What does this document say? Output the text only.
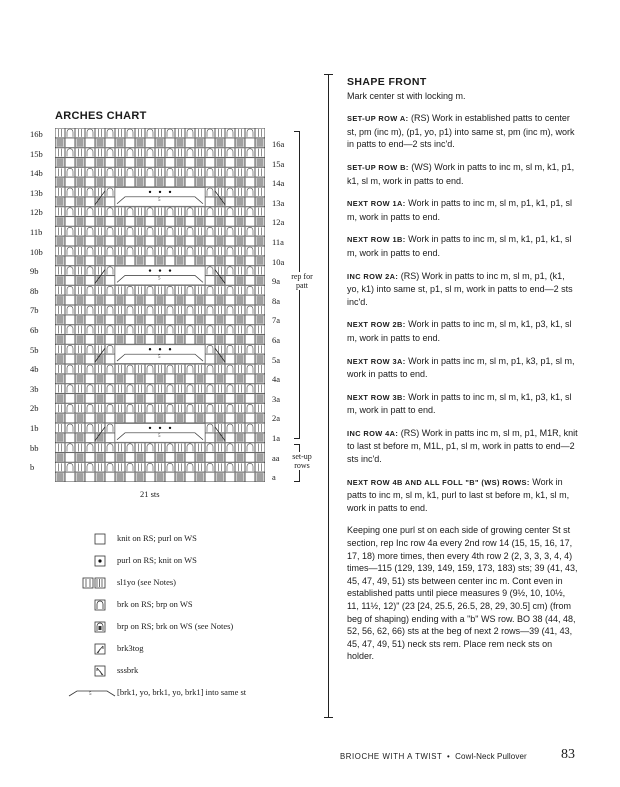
ARCHES CHART
16b
15b
14b
13b
12b
11b
10b
9b
8b
7b
6b
5b
4b
3b
2b
1b
bb
b
16a
15a
14a
13a
12a
11a
10a
9a
8a
7a
6a
5a
4a
3a
2a
1a
aa
a
5
5
5
5
rep for patt
set-up rows
21 sts
knit on RS; purl on WS
purl on RS; knit on WS
sl1yo (see Notes)
brk on RS; brp on WS
brp on RS; brk on WS (see Notes)
brk3tog
sssbrk
5	[brk1, yo, brk1, yo, brk1] into same st
SHAPE FRONT
Mark center st with locking m.
SET-UP ROW A: (RS) Work in established patts to center st, pm (inc m), (p1, yo, p1) into same st, pm (inc m), work in patts to end—2 sts inc'd.
SET-UP ROW B: (WS) Work in patts to inc m, sl m, k1, p1, k1, sl m, work in patts to end.
NEXT ROW 1A: Work in patts to inc m, sl m, p1, k1, p1, sl m, work in patts to end.
NEXT ROW 1B: Work in patts to inc m, sl m, k1, p1, k1, sl m, work in patts to end.
INC ROW 2A: (RS) Work in patts to inc m, sl m, p1, (k1, yo, k1) into same st, p1, sl m, work in patts to end—2 sts inc'd.
NEXT ROW 2B: Work in patts to inc m, sl m, k1, p3, k1, sl m, work in patts to end.
NEXT ROW 3A: Work in patts inc m, sl m, p1, k3, p1, sl m, work in patts to end.
NEXT ROW 3B: Work in patts to inc m, sl m, k1, p3, k1, sl m, work in patt to end.
INC ROW 4A: (RS) Work in patts inc m, sl m, p1, M1R, knit to last st before m, M1L, p1, sl m, work in patts to end—2 sts inc'd.
NEXT ROW 4B AND ALL FOLL "B" (WS) ROWS: Work in patts to inc m, sl m, k1, purl to last st before m, k1, sl m, work in patts to end.
Keeping one purl st on each side of growing center St st section, rep Inc row 4a every 2nd row 14 (15, 15, 16, 17, 17, 18) more times, then every 4th row 2 (2, 3, 3, 3, 4, 4) times—115 (129, 139, 149, 159, 173, 183) sts; 39 (41, 43, 45, 47, 49, 51) sts between center inc m. Cont even in established patts until piece measures 9 (9½, 10, 10½, 11, 11½, 12)" (23 [24, 25.5, 26.5, 28, 29, 30.5] cm) (from beg of shaping) ending with a "b" WS row. BO 38 (44, 48, 52, 56, 62, 66) sts at the beg of next 2 rows—39 (41, 43, 45, 47, 49, 51) neck sts rem. Place rem neck sts on holder.
BRIOCHE WITH A TWIST • Cowl-Neck Pullover	83
